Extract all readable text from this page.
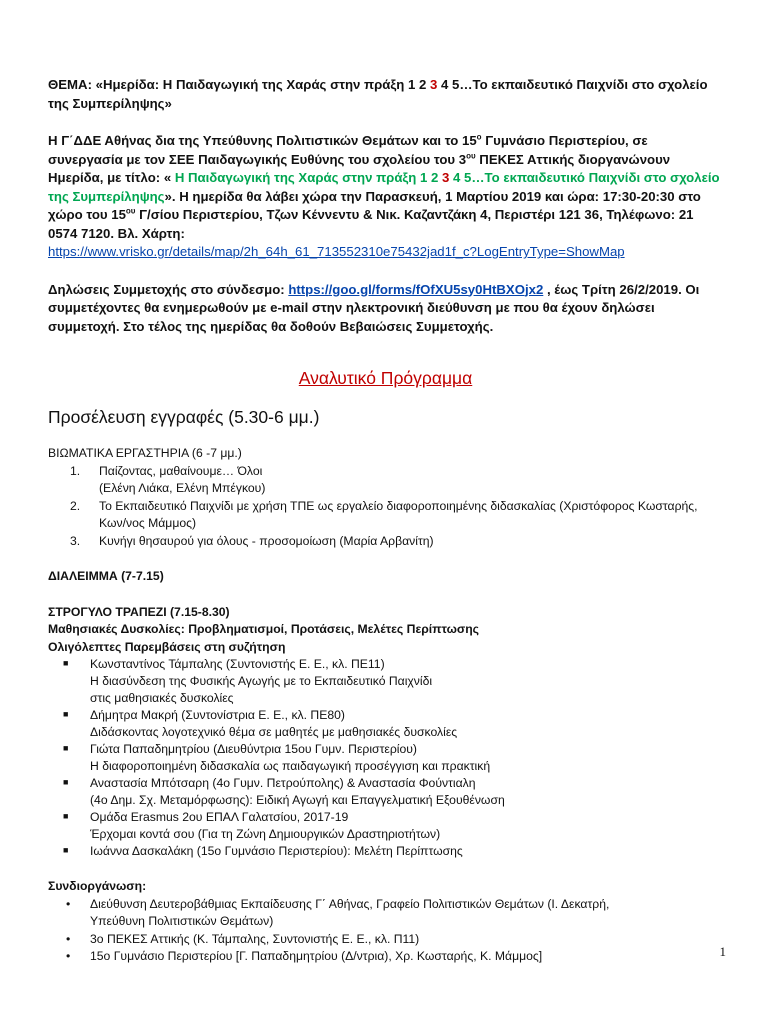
ΘΕΜΑ: «Ημερίδα: Η Παιδαγωγική της Χαράς στην πράξη 1 2 3 4 5…Το εκπαιδευτικό Παιχνίδι στο σχολείο της Συμπερίληψης»

Η Γ΄ΔΔΕ Αθήνας δια της Υπεύθυνης Πολιτιστικών Θεμάτων και το $15^o$ Γυμνάσιο Περιστερίου, σε συνεργασία με τον ΣΕΕ Παιδαγωγικής Ευθύνης του σχολείου του $3^{o\upsilon}$ ΠΕΚΕΣ Αττικής διοργανώνουν Ημερίδα, με τίτλο: « Η Παιδαγωγική της Χαράς στην πράξη 1 2 3 4 5…Το εκπαιδευτικό Παιχνίδι στο σχολείο της Συμπερίληψης». Η ημερίδα θα λάβει χώρα την Παρασκευή, 1 Μαρτίου 2019 και ώρα: 17:30-20:30 στο χώρο του $15^{o\upsilon}$ Γ/σίου Περιστερίου, Τζων Κέννεντυ & Νικ. Καζαντζάκη 4, Περιστέρι 121 36, Τηλέφωνο: 21 0574 7120. Βλ. Χάρτη:
https://www.vrisko.gr/details/map/2h_64h_61_713552310e75432jad1f_c?LogEntryType=ShowMap

Δηλώσεις Συμμετοχής στο σύνδεσμο: https://goo.gl/forms/fOfXU5sy0HtBXOjx2 , έως Τρίτη 26/2/2019. Οι συμμετέχοντες θα ενημερωθούν με e-mail στην ηλεκτρονική διεύθυνση με που θα έχουν δηλώσει συμμετοχή. Στο τέλος της ημερίδας θα δοθούν Βεβαιώσεις Συμμετοχής.

Αναλυτικό Πρόγραμμα

Προσέλευση εγγραφές (5.30-6 μμ.)

ΒΙΩΜΑΤΙΚΑ ΕΡΓΑΣΤΗΡΙΑ (6 -7 μμ.)

1. Παίζοντας, μαθαίνουμε… Όλοι
(Ελένη Λιάκα, Ελένη Μπέγκου)
2. Το Εκπαιδευτικό Παιχνίδι με χρήση ΤΠΕ ως εργαλείο διαφοροποιημένης διδασκαλίας (Χριστόφορος Κωσταρής, Κων/νος Μάμμος)
3. Κυνήγι θησαυρού για όλους - προσομοίωση (Μαρία Αρβανίτη)

ΔΙΑΛΕΙΜΜΑ (7-7.15)

ΣΤΡΟΓΥΛΟ ΤΡΑΠΕΖΙ (7.15-8.30)

Μαθησιακές Δυσκολίες: Προβληματισμοί, Προτάσεις, Μελέτες Περίπτωσης

Ολιγόλεπτες Παρεμβάσεις στη συζήτηση

■ Κωνσταντίνος Τάμπαλης (Συντονιστής Ε. Ε., κλ. ΠΕ11)
Η διασύνδεση της Φυσικής Αγωγής με το Εκπαιδευτικό Παιχνίδι
στις μαθησιακές δυσκολίες
■ Δήμητρα Μακρή (Συντονίστρια Ε. Ε., κλ. ΠΕ80)
Διδάσκοντας λογοτεχνικό θέμα σε μαθητές με μαθησιακές δυσκολίες
■ Γιώτα Παπαδημητρίου (Διευθύντρια 15ου Γυμν. Περιστερίου)
Η διαφοροποιημένη διδασκαλία ως παιδαγωγική προσέγγιση και πρακτική
■ Αναστασία Μπότσαρη (4ο Γυμν. Πετρούπολης) & Αναστασία Φούντιαλη
(4ο Δημ. Σχ. Μεταμόρφωσης): Ειδική Αγωγή και Επαγγελματική Εξουθένωση
■ Ομάδα Erasmus 2ου ΕΠΑΛ Γαλατσίου, 2017-19
Έρχομαι κοντά σου (Για τη Ζώνη Δημιουργικών Δραστηριοτήτων)
■ Ιωάννα Δασκαλάκη (15ο Γυμνάσιο Περιστερίου): Μελέτη Περίπτωσης

Συνδιοργάνωση:

• Διεύθυνση Δευτεροβάθμιας Εκπαίδευσης Γ΄ Αθήνας, Γραφείο Πολιτιστικών Θεμάτων (Ι. Δεκατρή,
Υπεύθυνη Πολιτιστικών Θεμάτων)
• 3ο ΠΕΚΕΣ Αττικής (Κ. Τάμπαλης, Συντονιστής Ε. Ε., κλ. Π11)
• 15ο Γυμνάσιο Περιστερίου [Γ. Παπαδημητρίου (Δ/ντρια), Χρ. Κωσταρής, Κ. Μάμμος]	1
